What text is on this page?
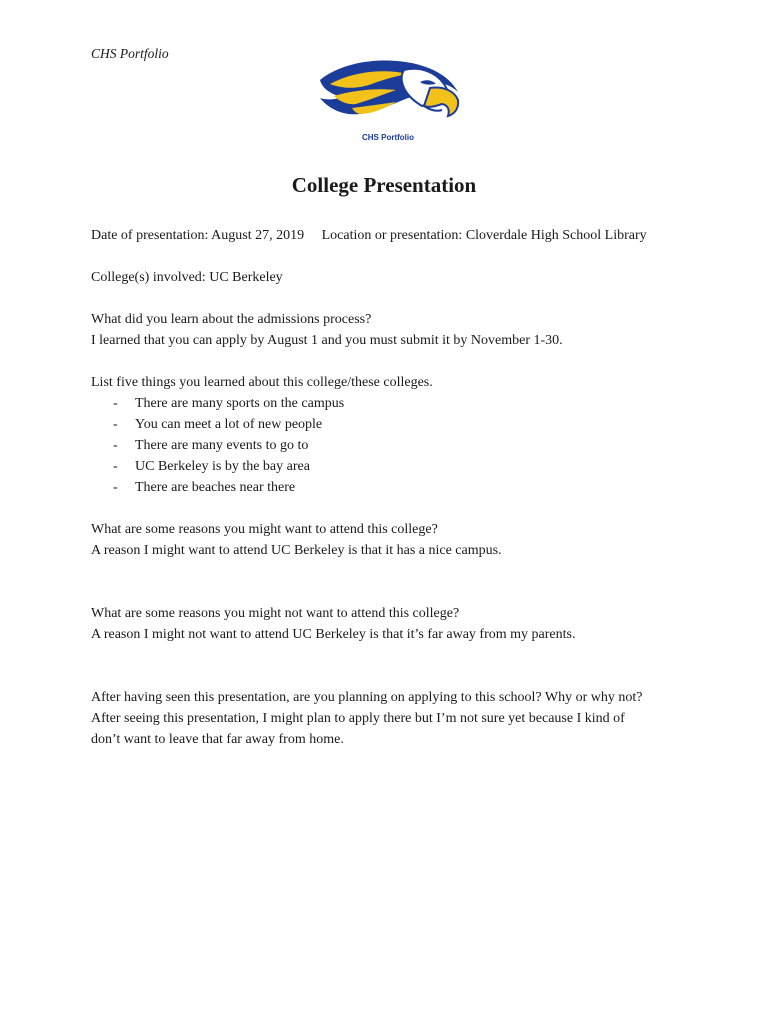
CHS Portfolio
CHS Portfolio
College Presentation

Date of presentation: August 27, 2019 Location or presentation: Cloverdale High School Library

College(s) involved: UC Berkeley

What did you learn about the admissions process?

I learned that you can apply by August 1 and you must submit it by November 1-30.

List five things you learned about this college/these colleges.

- There are many sports on the campus
- You can meet a lot of new people
- There are many events to go to
- UC Berkeley is by the bay area
- There are beaches near there

What are some reasons you might want to attend this college?

A reason I might want to attend UC Berkeley is that it has a nice campus.

What are some reasons you might not want to attend this college?

A reason I might not want to attend UC Berkeley is that it’s far away from my parents.

After having seen this presentation, are you planning on applying to this school? Why or why not?

After seeing this presentation, I might plan to apply there but I’m not sure yet because I kind of don’t want to leave that far away from home.
